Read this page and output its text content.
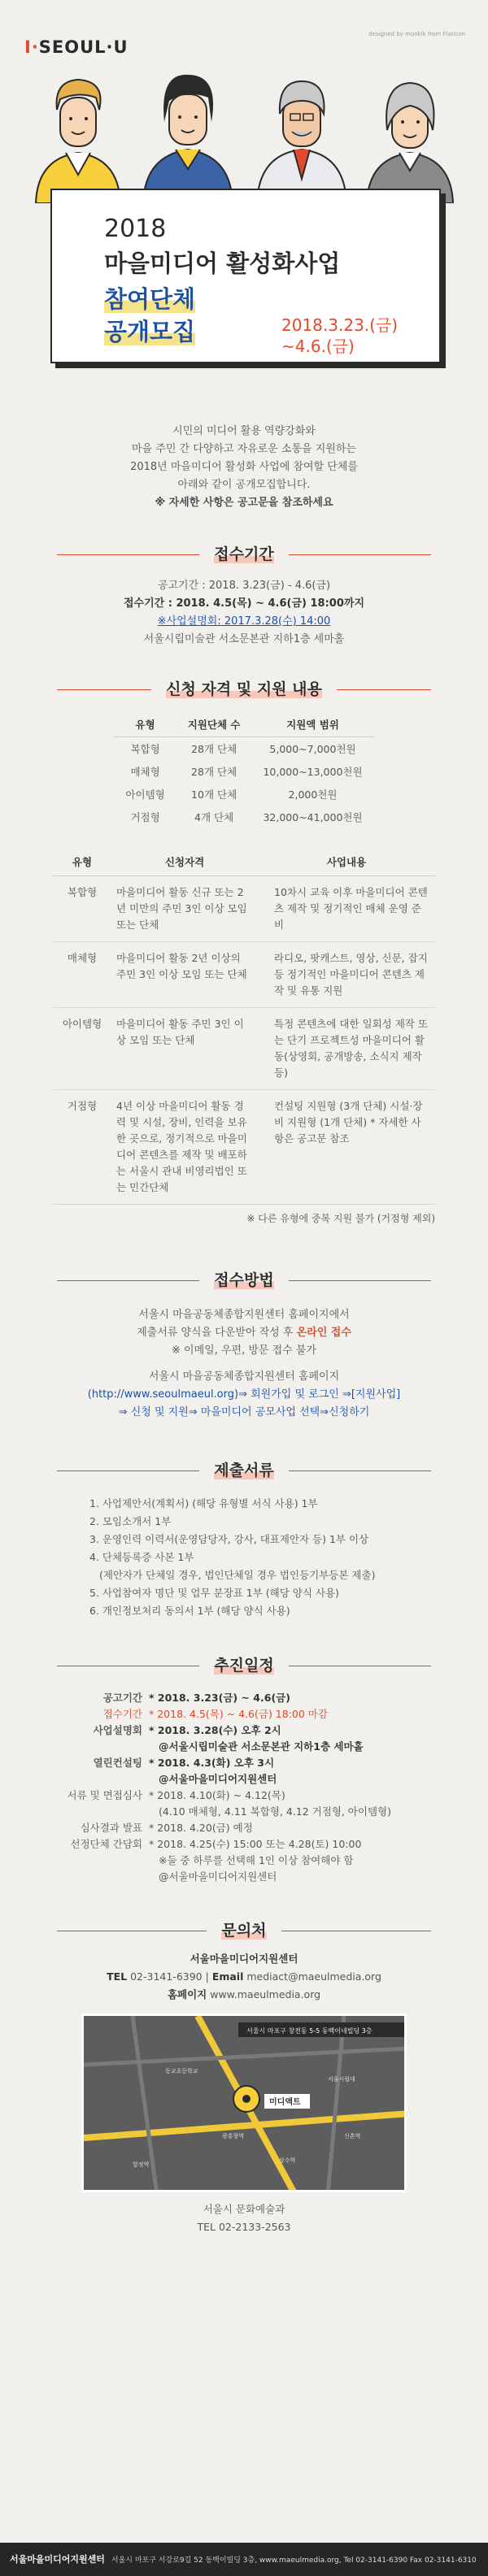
I·SEOUL·U
designed by monkik from Flaticon
2018
마을미디어 활성화사업
참여단체
공개모집	2018.3.23.(금)
~4.6.(금)
시민의 미디어 활용 역량강화와
마을 주민 간 다양하고 자유로운 소통을 지원하는
2018년 마을미디어 활성화 사업에 참여할 단체를
아래와 같이 공개모집합니다.
※ 자세한 사항은 공고문을 참조하세요
접수기간
공고기간 : 2018. 3.23(금) - 4.6(금)
접수기간 : 2018. 4.5(목) ~ 4.6(금) 18:00까지
※사업설명회: 2017.3.28(수) 14:00
서울시립미술관 서소문본관 지하1층 세마홀
신청 자격 및 지원 내용
유형	지원단체 수	지원액 범위
복합형	28개 단체	5,000~7,000천원
매체형	28개 단체	10,000~13,000천원
아이템형	10개 단체	2,000천원
거점형	4개 단체	32,000~41,000천원
유형	신청자격	사업내용
복합형	마을미디어 활동 신규 또는 2년 미만의 주민 3인 이상 모임 또는 단체	10차시 교육 이후 마을미디어 콘텐츠 제작 및 정기적인 매체 운영 준비
매체형	마을미디어 활동 2년 이상의 주민 3인 이상 모임 또는 단체	라디오, 팟캐스트, 영상, 신문, 잡지 등 정기적인 마을미디어 콘텐츠 제작 및 유통 지원
아이템형	마을미디어 활동 주민 3인 이상 모임 또는 단체	특정 콘텐츠에 대한 일회성 제작 또는 단기 프로젝트성 마을미디어 활동(상영회, 공개방송, 소식지 제작 등)
거점형	4년 이상 마을미디어 활동 경력 및 시설, 장비, 인력을 보유한 곳으로, 정기적으로 마을미디어 콘텐츠를 제작 및 배포하는 서울시 관내 비영리법인 또는 민간단체	컨설팅 지원형 (3개 단체) 시설·장비 지원형 (1개 단체) * 자세한 사항은 공고문 참조
※ 다른 유형에 중복 지원 불가 (거점형 제외)
접수방법
서울시 마을공동체종합지원센터 홈페이지에서
제출서류 양식을 다운받아 작성 후 온라인 접수
※ 이메일, 우편, 방문 접수 불가
서울시 마을공동체종합지원센터 홈페이지
(http://www.seoulmaeul.org)⇒ 회원가입 및 로그인 ⇒[지원사업]
⇒ 신청 및 지원⇒ 마을미디어 공모사업 선택⇒신청하기
제출서류
1. 사업제안서(계획서) (해당 유형별 서식 사용) 1부
2. 모임소개서 1부
3. 운영인력 이력서(운영담당자, 강사, 대표제안자 등) 1부 이상
4. 단체등록증 사본 1부
(제안자가 단체일 경우, 법인단체일 경우 법인등기부등본 제출)
5. 사업참여자 명단 및 업무 분장표 1부 (해당 양식 사용)
6. 개인정보처리 동의서 1부 (해당 양식 사용)
추진일정
공고기간 * 2018. 3.23(금) ~ 4.6(금)
접수기간 * 2018. 4.5(목) ~ 4.6(금) 18:00 마감
사업설명회 * 2018. 3.28(수) 오후 2시
@서울시립미술관 서소문본관 지하1층 세마홀
열린컨설팅 * 2018. 4.3(화) 오후 3시
@서울마을미디어지원센터
서류 및 면접심사 * 2018. 4.10(화) ~ 4.12(목)
(4.10 매체형, 4.11 복합형, 4.12 거점형, 아이템형)
심사결과 발표 * 2018. 4.20(금) 예정
선정단체 간담회 * 2018. 4.25(수) 15:00 또는 4.28(토) 10:00
※둘 중 하루를 선택해 1인 이상 참여해야 함
@서울마을미디어지원센터
문의처
서울마을미디어지원센터
TEL 02-3141-6390 | Email mediact@maeulmedia.org
홈페이지 www.maeulmedia.org
서울시 마포구 창전동 5-5 동백이네빌딩 3층
미디액트
동교초등학교
서울시립대
합정역
상수역
광흥창역	신촌역
서울시 문화예술과
TEL 02-2133-2563
서울마을미디어지원센터 서울시 마포구 서강로9길 52 동백이빌딩 3층, www.maeulmedia.org, Tel 02-3141-6390 Fax 02-3141-6310
